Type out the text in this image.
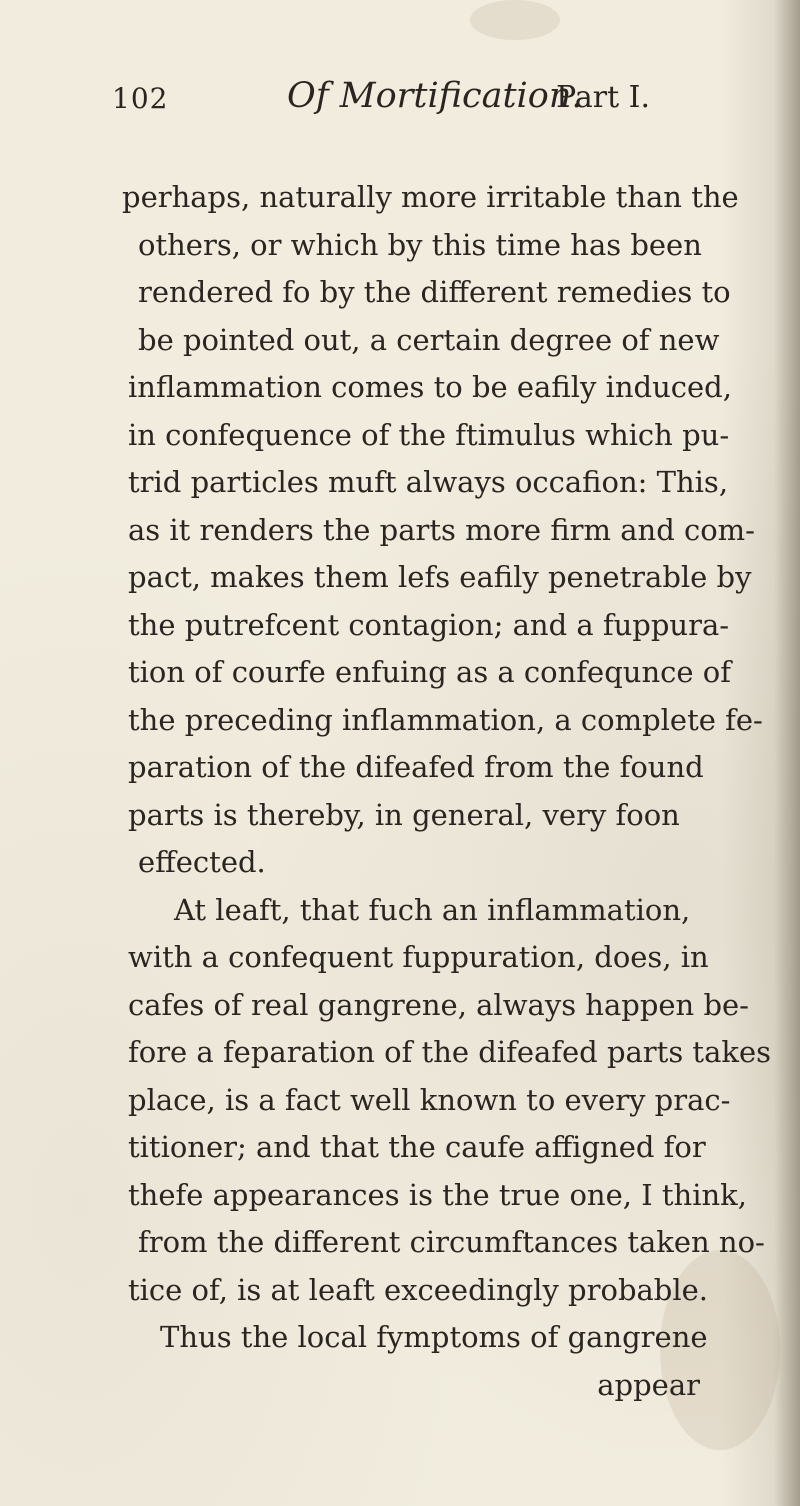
102	Of Mortification.
Part I.
perhaps, naturally more irritable than the
others, or which by this time has been
rendered fo by the different remedies to
be pointed out, a certain degree of new
inflammation comes to be eafily induced,
in confequence of the ftimulus which pu-
trid particles muft always occafion: This,
as it renders the parts more firm and com-
pact, makes them lefs eafily penetrable by
the putrefcent contagion; and a fuppura-
tion of courfe enfuing as a confequnce of
the preceding inflammation, a complete fe-
paration of the difeafed from the found
parts is thereby, in general, very foon
effected.
At leaft, that fuch an inflammation,
with a confequent fuppuration, does, in
cafes of real gangrene, always happen be-
fore a feparation of the difeafed parts takes
place, is a fact well known to every prac-
titioner; and that the caufe affigned for
thefe appearances is the true one, I think,
from the different circumftances taken no-
tice of, is at leaft exceedingly probable.
Thus the local fymptoms of gangrene
appear
